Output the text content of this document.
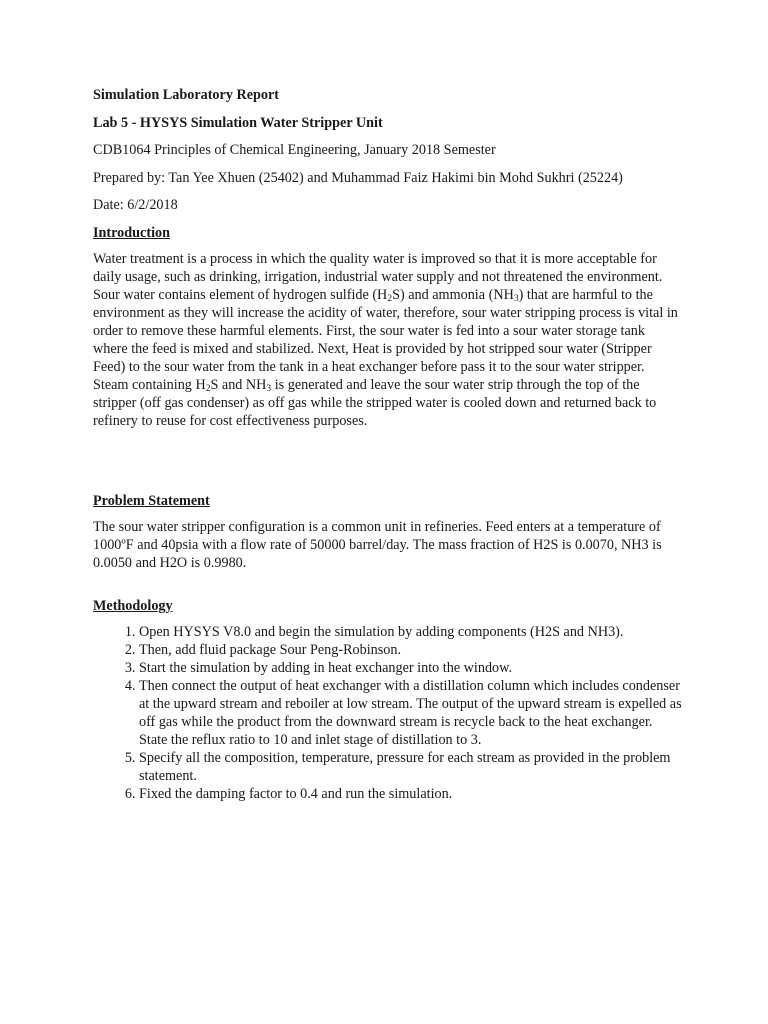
Simulation Laboratory Report
Lab 5 - HYSYS Simulation Water Stripper Unit
CDB1064 Principles of Chemical Engineering, January 2018 Semester
Prepared by: Tan Yee Xhuen (25402) and Muhammad Faiz Hakimi bin Mohd Sukhri (25224)
Date: 6/2/2018
Introduction

Water treatment is a process in which the quality water is improved so that it is more acceptable for daily usage, such as drinking, irrigation, industrial water supply and not threatened the environment. Sour water contains element of hydrogen sulfide $(H_2S)$ and ammonia $(NH_3)$ that are harmful to the environment as they will increase the acidity of water, therefore, sour water stripping process is vital in order to remove these harmful elements. First, the sour water is fed into a sour water storage tank where the feed is mixed and stabilized. Next, Heat is provided by hot stripped sour water (Stripper Feed) to the sour water from the tank in a heat exchanger before pass it to the sour water stripper. Steam containing $H_2S$ and $NH_3$ is generated and leave the sour water strip through the top of the stripper (off gas condenser) as off gas while the stripped water is cooled down and returned back to refinery to reuse for cost effectiveness purposes.

Problem Statement

The sour water stripper configuration is a common unit in refineries. Feed enters at a temperature of 1000ºF and 40psia with a flow rate of 50000 barrel/day. The mass fraction of H2S is 0.0070, NH3 is 0.0050 and H2O is 0.9980.

Methodology
1. Open HYSYS V8.0 and begin the simulation by adding components (H2S and NH3).
2. Then, add fluid package Sour Peng-Robinson.
3. Start the simulation by adding in heat exchanger into the window.
4. Then connect the output of heat exchanger with a distillation column which includes condenser at the upward stream and reboiler at low stream. The output of the upward stream is expelled as off gas while the product from the downward stream is recycle back to the heat exchanger. State the reflux ratio to 10 and inlet stage of distillation to 3.
5. Specify all the composition, temperature, pressure for each stream as provided in the problem statement.
6. Fixed the damping factor to 0.4 and run the simulation.
